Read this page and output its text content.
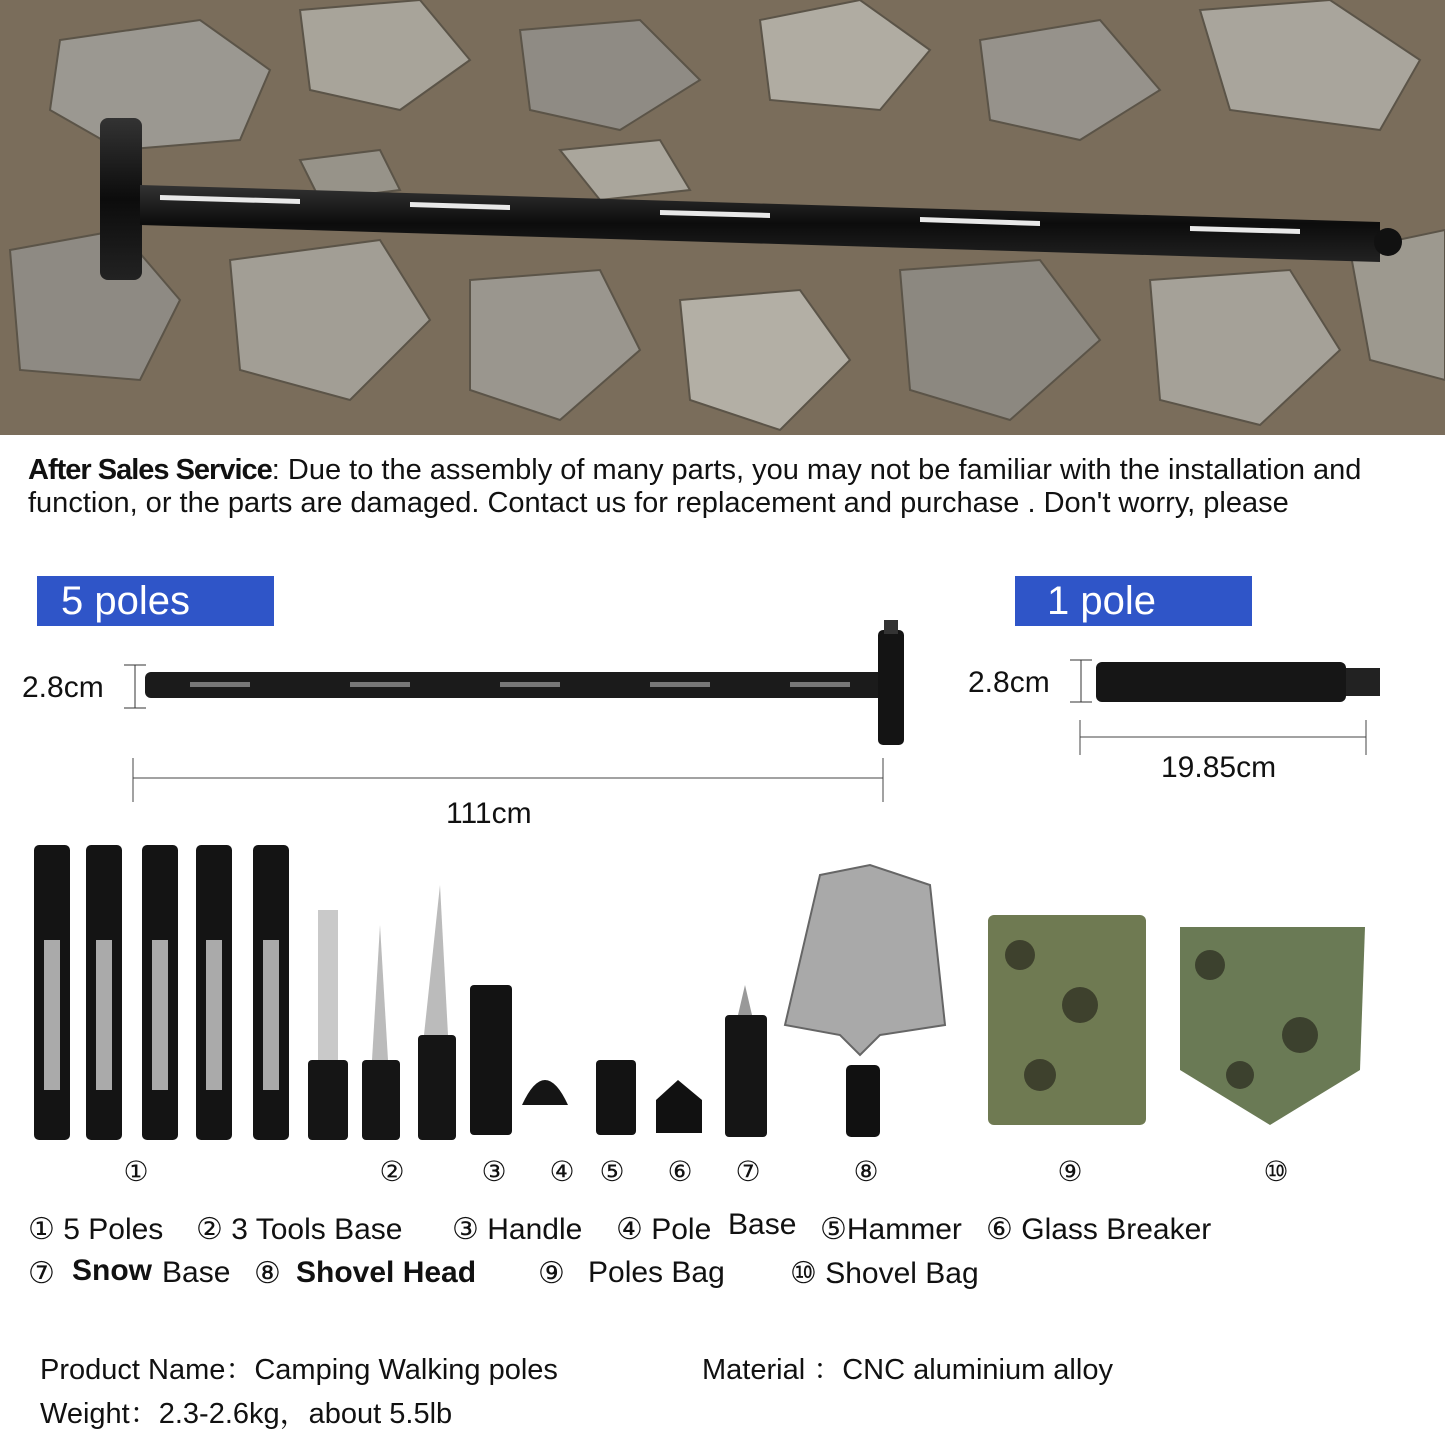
After Sales Service: Due to the assembly of many parts, you may not be familiar with the installation and function, or the parts are damaged. Contact us for replacement and purchase . Don't worry, please
5 poles	1 pole
2.8cm
111cm
2.8cm
19.85cm
①	②	③	④ ⑤	⑥	⑦	⑧	⑨	⑩
① 5 Poles ② 3 Tools Base ③ Handle ④ Pole Base ⑤Hammer ⑥ Glass Breaker
⑦ Snow Base ⑧ Shovel Head ⑨ Poles Bag ⑩ Shovel Bag
Product Name：Camping Walking poles	Material ：CNC aluminium alloy
Weight：2.3-2.6kg，about 5.5lb
